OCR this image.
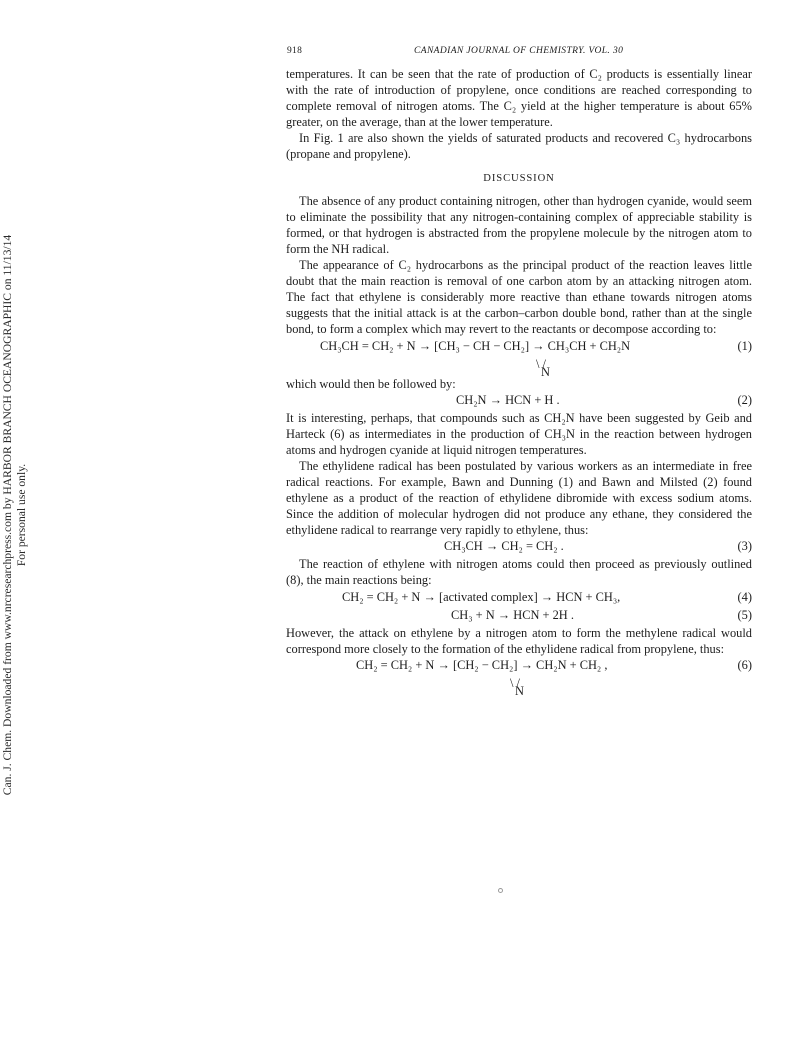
Can. J. Chem. Downloaded from www.nrcresearchpress.com by HARBOR BRANCH OCEANOGRAPHIC on 11/13/14 For personal use only.
918	CANADIAN JOURNAL OF CHEMISTRY. VOL. 30

temperatures. It can be seen that the rate of production of C₂ products is essentially linear with the rate of introduction of propylene, once conditions are reached corresponding to complete removal of nitrogen atoms. The C₂ yield at the higher temperature is about 65% greater, on the average, than at the lower temperature.

In Fig. 1 are also shown the yields of saturated products and recovered C₃ hydrocarbons (propane and propylene).

DISCUSSION

The absence of any product containing nitrogen, other than hydrogen cyanide, would seem to eliminate the possibility that any nitrogen-containing complex of appreciable stability is formed, or that hydrogen is abstracted from the propylene molecule by the nitrogen atom to form the NH radical.

The appearance of C₂ hydrocarbons as the principal product of the reaction leaves little doubt that the main reaction is removal of one carbon atom by an attacking nitrogen atom. The fact that ethylene is considerably more reactive than ethane towards nitrogen atoms suggests that the initial attack is at the carbon–carbon double bond, rather than at the single bond, to form a complex which may revert to the reactants or decompose according to:

CH₃CH = CH₂ + N → [CH₃ − CH − CH₂] → CH₃CH + CH₂N	(1)
\ /
N

which would then be followed by:

CH₂N → HCN + H .	(2)

It is interesting, perhaps, that compounds such as CH₂N have been suggested by Geib and Harteck (6) as intermediates in the production of CH₃N in the reaction between hydrogen atoms and hydrogen cyanide at liquid nitrogen temperatures.

The ethylidene radical has been postulated by various workers as an intermediate in free radical reactions. For example, Bawn and Dunning (1) and Bawn and Milsted (2) found ethylene as a product of the reaction of ethylidene dibromide with excess sodium atoms. Since the addition of molecular hydrogen did not produce any ethane, they considered the ethylidene radical to rearrange very rapidly to ethylene, thus:

CH₃CH → CH₂ = CH₂ .	(3)

The reaction of ethylene with nitrogen atoms could then proceed as previously outlined (8), the main reactions being:

CH₂ = CH₂ + N → [activated complex] → HCN + CH₃,	(4)
CH₃ + N → HCN + 2H .	(5)

However, the attack on ethylene by a nitrogen atom to form the methylene radical would correspond more closely to the formation of the ethylidene radical from propylene, thus:

CH₂ = CH₂ + N → [CH₂ − CH₂] → CH₂N + CH₂ ,	(6)
\ /
N
